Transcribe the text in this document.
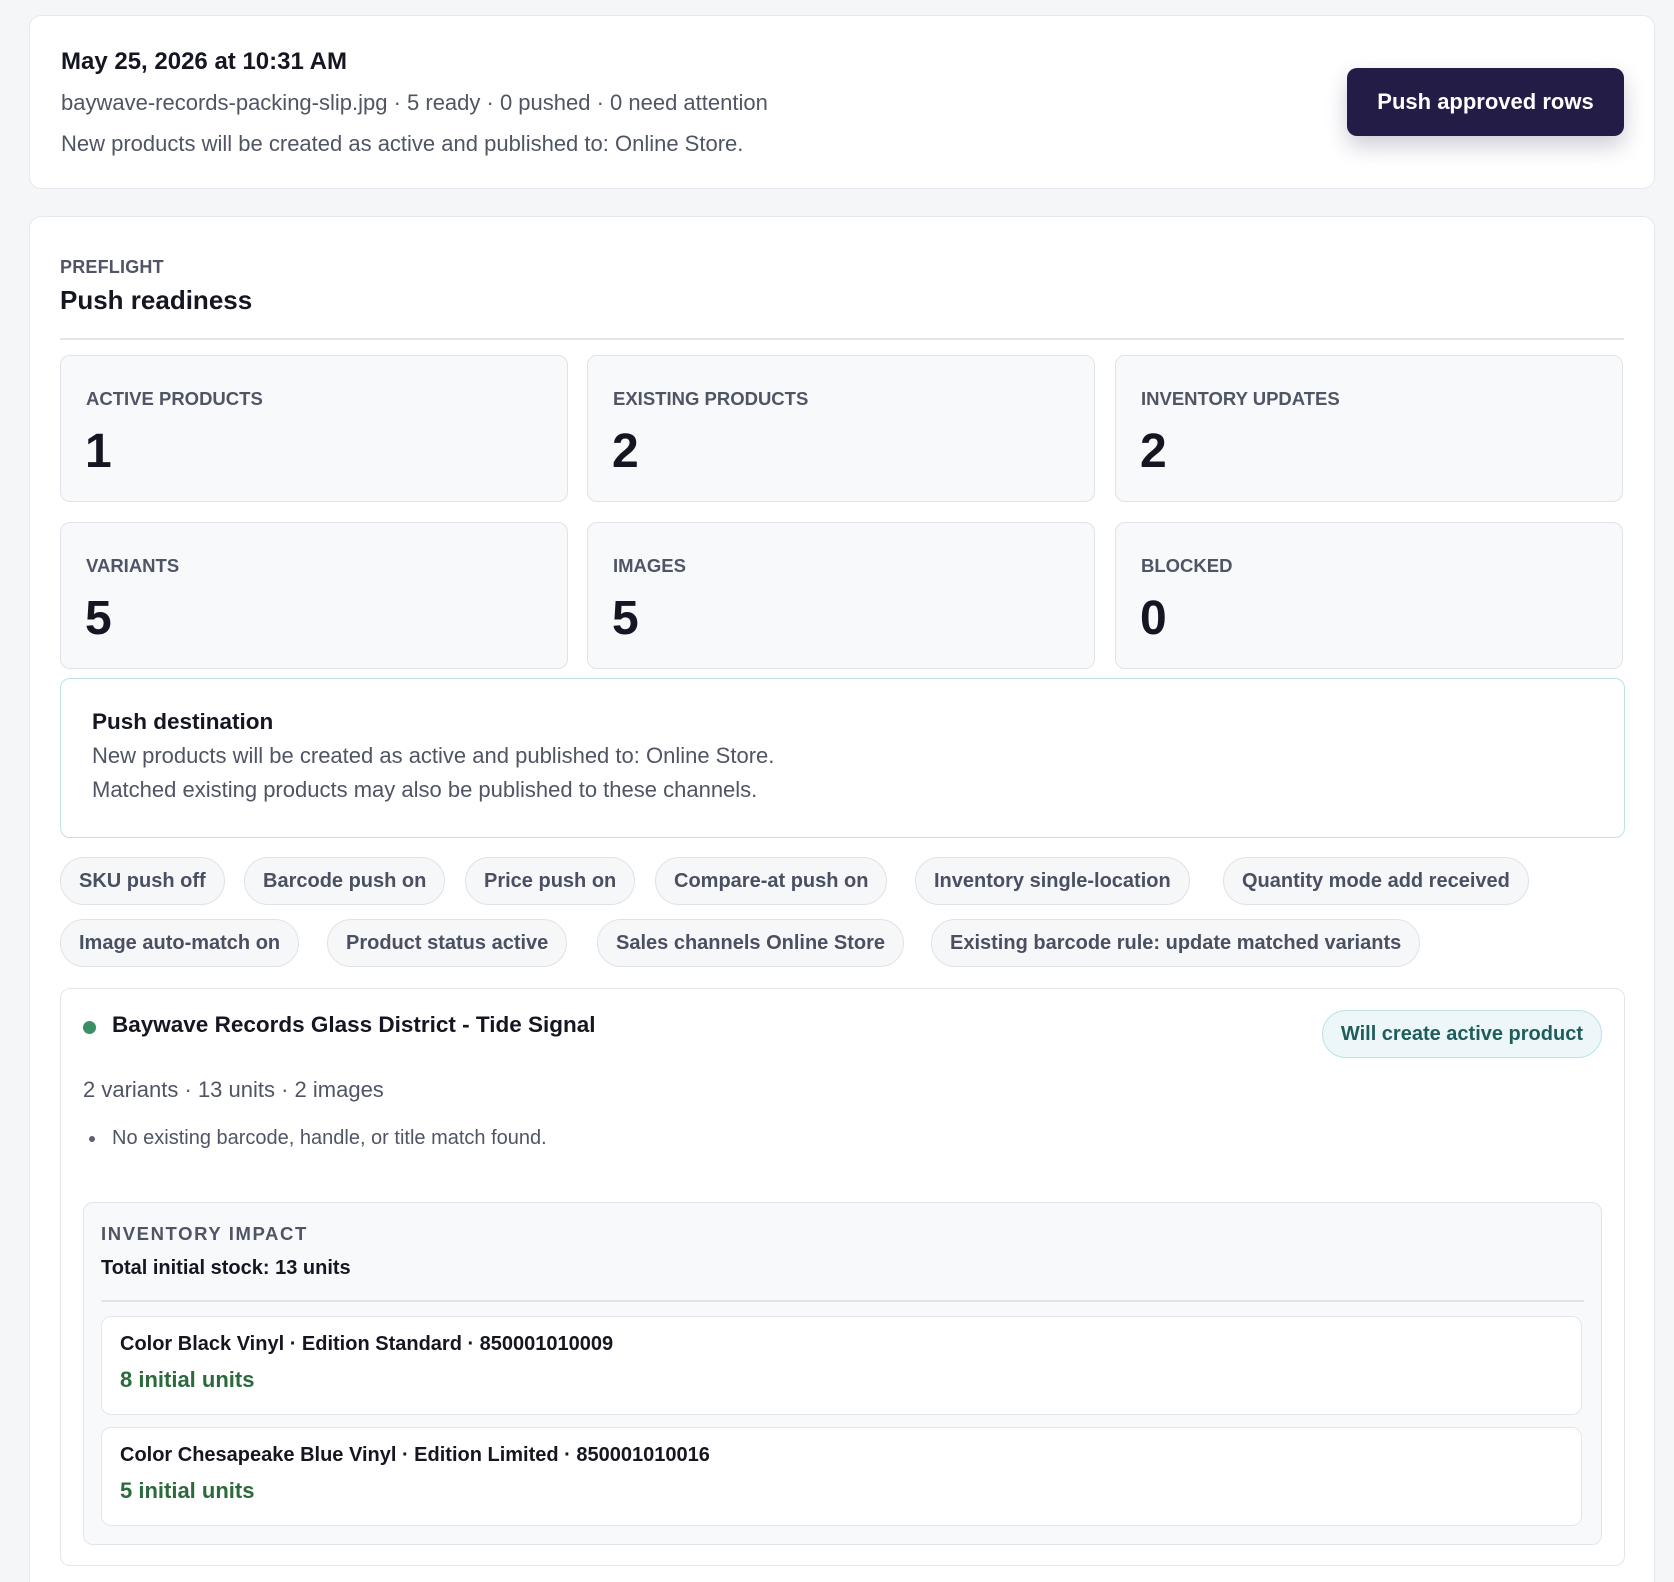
May 25, 2026 at 10:31 AM
baywave-records-packing-slip.jpg · 5 ready · 0 pushed · 0 need attention
New products will be created as active and published to: Online Store.
Push approved rows
PREFLIGHT
Push readiness
ACTIVE PRODUCTS
1
EXISTING PRODUCTS
2
INVENTORY UPDATES
2
VARIANTS
5
IMAGES
5
BLOCKED
0
Push destination
New products will be created as active and published to: Online Store.
Matched existing products may also be published to these channels.
SKU push off	Barcode push on	Price push on	Compare-at push on	Inventory single-location	Quantity mode add received
Image auto-match on	Product status active	Sales channels Online Store	Existing barcode rule: update matched variants
Baywave Records Glass District - Tide Signal	Will create active product
2 variants · 13 units · 2 images
No existing barcode, handle, or title match found.
INVENTORY IMPACT
Total initial stock: 13 units
Color Black Vinyl · Edition Standard · 850001010009
8 initial units
Color Chesapeake Blue Vinyl · Edition Limited · 850001010016
5 initial units
